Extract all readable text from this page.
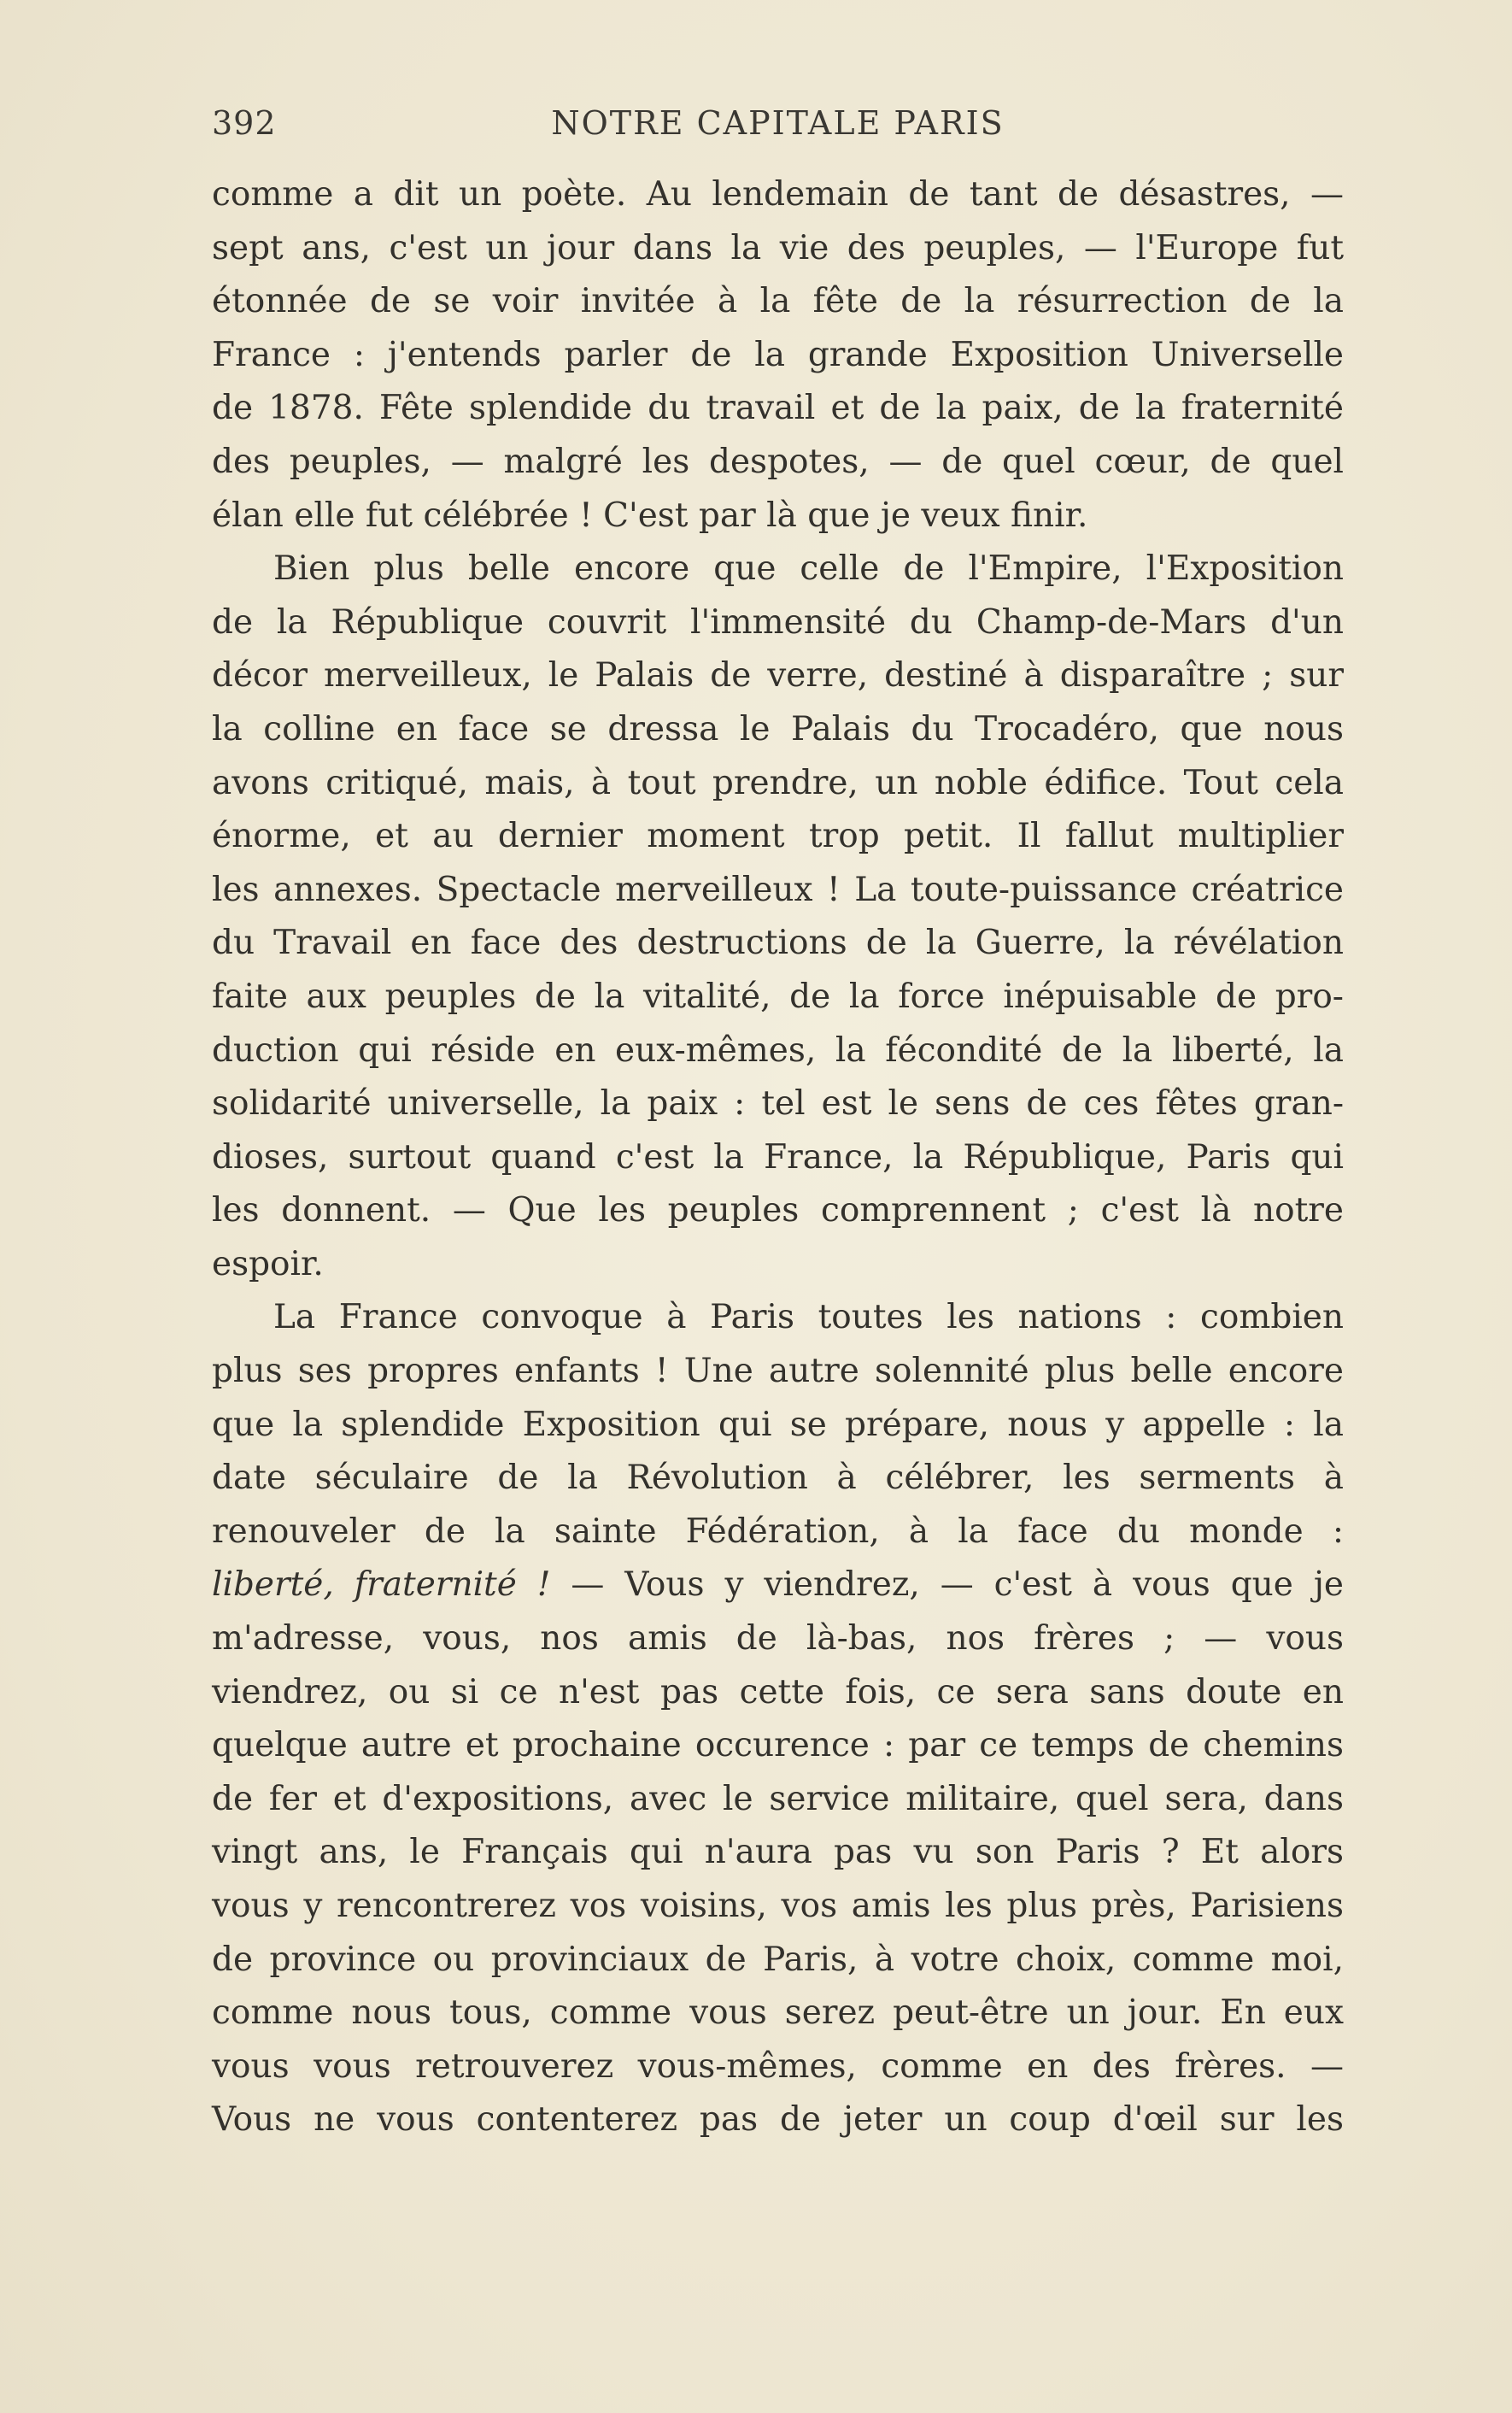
392	NOTRE CAPITALE PARIS
comme a dit un poète. Au lendemain de tant de désastres, —
sept ans, c'est un jour dans la vie des peuples, — l'Europe fut
étonnée de se voir invitée à la fête de la résurrection de la
France : j'entends parler de la grande Exposition Universelle
de 1878. Fête splendide du travail et de la paix, de la fraternité
des peuples, — malgré les despotes, — de quel cœur, de quel
élan elle fut célébrée ! C'est par là que je veux finir.
Bien plus belle encore que celle de l'Empire, l'Exposition
de la République couvrit l'immensité du Champ-de-Mars d'un
décor merveilleux, le Palais de verre, destiné à disparaître ; sur
la colline en face se dressa le Palais du Trocadéro, que nous
avons critiqué, mais, à tout prendre, un noble édifice. Tout cela
énorme, et au dernier moment trop petit. Il fallut multiplier
les annexes. Spectacle merveilleux ! La toute-puissance créatrice
du Travail en face des destructions de la Guerre, la révélation
faite aux peuples de la vitalité, de la force inépuisable de pro-
duction qui réside en eux-mêmes, la fécondité de la liberté, la
solidarité universelle, la paix : tel est le sens de ces fêtes gran-
dioses, surtout quand c'est la France, la République, Paris qui
les donnent. — Que les peuples comprennent ; c'est là notre
espoir.
La France convoque à Paris toutes les nations : combien
plus ses propres enfants ! Une autre solennité plus belle encore
que la splendide Exposition qui se prépare, nous y appelle : la
date séculaire de la Révolution à célébrer, les serments à
renouveler de la sainte Fédération, à la face du monde :
liberté, fraternité ! — Vous y viendrez, — c'est à vous que je
m'adresse, vous, nos amis de là-bas, nos frères ; — vous
viendrez, ou si ce n'est pas cette fois, ce sera sans doute en
quelque autre et prochaine occurence : par ce temps de chemins
de fer et d'expositions, avec le service militaire, quel sera, dans
vingt ans, le Français qui n'aura pas vu son Paris ? Et alors
vous y rencontrerez vos voisins, vos amis les plus près, Parisiens
de province ou provinciaux de Paris, à votre choix, comme moi,
comme nous tous, comme vous serez peut-être un jour. En eux
vous vous retrouverez vous-mêmes, comme en des frères. —
Vous ne vous contenterez pas de jeter un coup d'œil sur les
